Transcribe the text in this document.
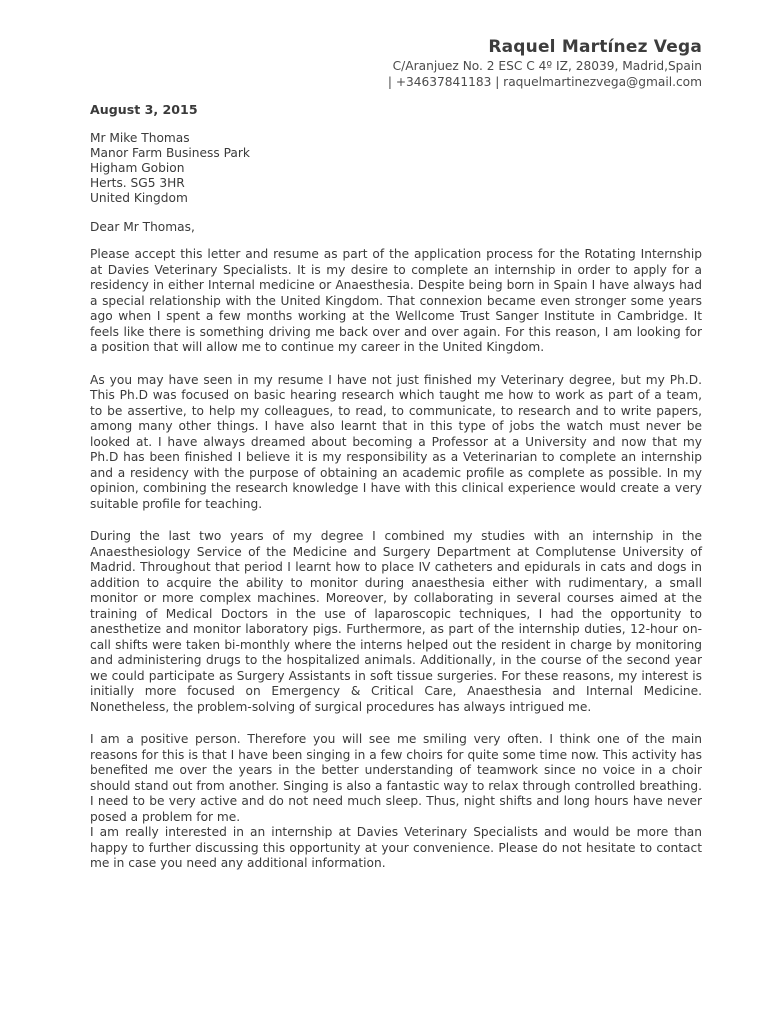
Raquel Martínez Vega
C/Aranjuez No. 2 ESC C 4º IZ, 28039, Madrid,Spain
| +34637841183 | raquelmartinezvega@gmail.com
August 3, 2015
Mr Mike Thomas
Manor Farm Business Park
Higham Gobion
Herts. SG5 3HR
United Kingdom
Dear Mr Thomas,

Please accept this letter and resume as part of the application process for the Rotating Internship at Davies Veterinary Specialists. It is my desire to complete an internship in order to apply for a residency in either Internal medicine or Anaesthesia. Despite being born in Spain I have always had a special relationship with the United Kingdom. That connexion became even stronger some years ago when I spent a few months working at the Wellcome Trust Sanger Institute in Cambridge. It feels like there is something driving me back over and over again. For this reason, I am looking for a position that will allow me to continue my career in the United Kingdom.

As you may have seen in my resume I have not just finished my Veterinary degree, but my Ph.D. This Ph.D was focused on basic hearing research which taught me how to work as part of a team, to be assertive, to help my colleagues, to read, to communicate, to research and to write papers, among many other things. I have also learnt that in this type of jobs the watch must never be looked at. I have always dreamed about becoming a Professor at a University and now that my Ph.D has been finished I believe it is my responsibility as a Veterinarian to complete an internship and a residency with the purpose of obtaining an academic profile as complete as possible. In my opinion, combining the research knowledge I have with this clinical experience would create a very suitable profile for teaching.

During the last two years of my degree I combined my studies with an internship in the Anaesthesiology Service of the Medicine and Surgery Department at Complutense University of Madrid. Throughout that period I learnt how to place IV catheters and epidurals in cats and dogs in addition to acquire the ability to monitor during anaesthesia either with rudimentary, a small monitor or more complex machines. Moreover, by collaborating in several courses aimed at the training of Medical Doctors in the use of laparoscopic techniques, I had the opportunity to anesthetize and monitor laboratory pigs. Furthermore, as part of the internship duties, 12-hour on-call shifts were taken bi-monthly where the interns helped out the resident in charge by monitoring and administering drugs to the hospitalized animals. Additionally, in the course of the second year we could participate as Surgery Assistants in soft tissue surgeries. For these reasons, my interest is initially more focused on Emergency & Critical Care, Anaesthesia and Internal Medicine. Nonetheless, the problem-solving of surgical procedures has always intrigued me.

I am a positive person. Therefore you will see me smiling very often. I think one of the main reasons for this is that I have been singing in a few choirs for quite some time now. This activity has benefited me over the years in the better understanding of teamwork since no voice in a choir should stand out from another. Singing is also a fantastic way to relax through controlled breathing. I need to be very active and do not need much sleep. Thus, night shifts and long hours have never posed a problem for me.

I am really interested in an internship at Davies Veterinary Specialists and would be more than happy to further discussing this opportunity at your convenience. Please do not hesitate to contact me in case you need any additional information.
